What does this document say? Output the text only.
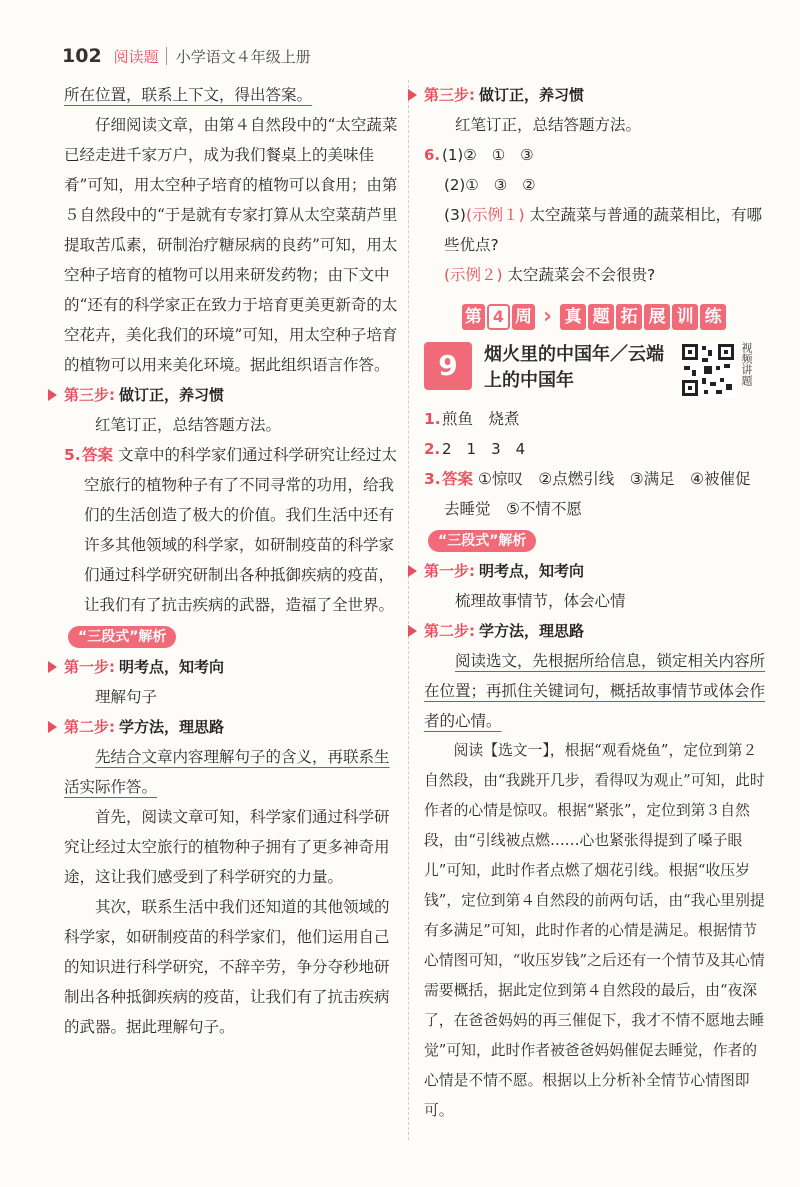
102 阅读题 小学语文４年级上册

所在位置，联系上下文，得出答案。

仔细阅读文章，由第４自然段中的“太空蔬菜已经走进千家万户，成为我们餐桌上的美味佳肴”可知，用太空种子培育的植物可以食用；由第５自然段中的“于是就有专家打算从太空菜葫芦里提取苦瓜素，研制治疗糖尿病的良药”可知，用太空种子培育的植物可以用来研发药物；由下文中的“还有的科学家正在致力于培育更美更新奇的太空花卉，美化我们的环境”可知，用太空种子培育的植物可以用来美化环境。据此组织语言作答。

第三步: 做订正，养习惯

红笔订正，总结答题方法。

5.答案 文章中的科学家们通过科学研究让经过太空旅行的植物种子有了不同寻常的功用，给我们的生活创造了极大的价值。我们生活中还有许多其他领域的科学家，如研制疫苗的科学家们通过科学研究研制出各种抵御疾病的疫苗，让我们有了抗击疾病的武器，造福了全世界。

“三段式”解析
第一步: 明考点，知考向

理解句子

第二步: 学方法，理思路

先结合文章内容理解句子的含义，再联系生活实际作答。

首先，阅读文章可知，科学家们通过科学研究让经过太空旅行的植物种子拥有了更多神奇用途，这让我们感受到了科学研究的力量。

其次，联系生活中我们还知道的其他领域的科学家，如研制疫苗的科学家们，他们运用自己的知识进行科学研究，不辞辛劳，争分夺秒地研制出各种抵御疾病的疫苗，让我们有了抗击疾病的武器。据此理解句子。

第三步: 做订正，养习惯

红笔订正，总结答题方法。

6. (1)②　①　③
(2)①　③　②
(3)(示例１) 太空蔬菜与普通的蔬菜相比，有哪些优点?
(示例２) 太空蔬菜会不会很贵?
第 4 周 › 真 题 拓 展 训 练
9	烟火里的中国年／云端上的中国年	视频讲题
1.煎鱼　烧煮
2. 2　1　3　4
3.答案 ①惊叹　②点燃引线　③满足　④被催促去睡觉　⑤不情不愿
“三段式”解析
第一步: 明考点，知考向

梳理故事情节，体会心情

第二步: 学方法，理思路

阅读选文，先根据所给信息，锁定相关内容所在位置；再抓住关键词句，概括故事情节或体会作者的心情。

阅读【选文一】，根据“观看烧鱼”，定位到第２自然段，由“我跳开几步，看得叹为观止”可知，此时作者的心情是惊叹。根据“紧张”，定位到第３自然段，由“引线被点燃……心也紧张得提到了嗓子眼儿”可知，此时作者点燃了烟花引线。根据“收压岁钱”，定位到第４自然段的前两句话，由“我心里别提有多满足”可知，此时作者的心情是满足。根据情节心情图可知，“收压岁钱”之后还有一个情节及其心情需要概括，据此定位到第４自然段的最后，由“夜深了，在爸爸妈妈的再三催促下，我才不情不愿地去睡觉”可知，此时作者被爸爸妈妈催促去睡觉，作者的心情是不情不愿。根据以上分析补全情节心情图即可。
